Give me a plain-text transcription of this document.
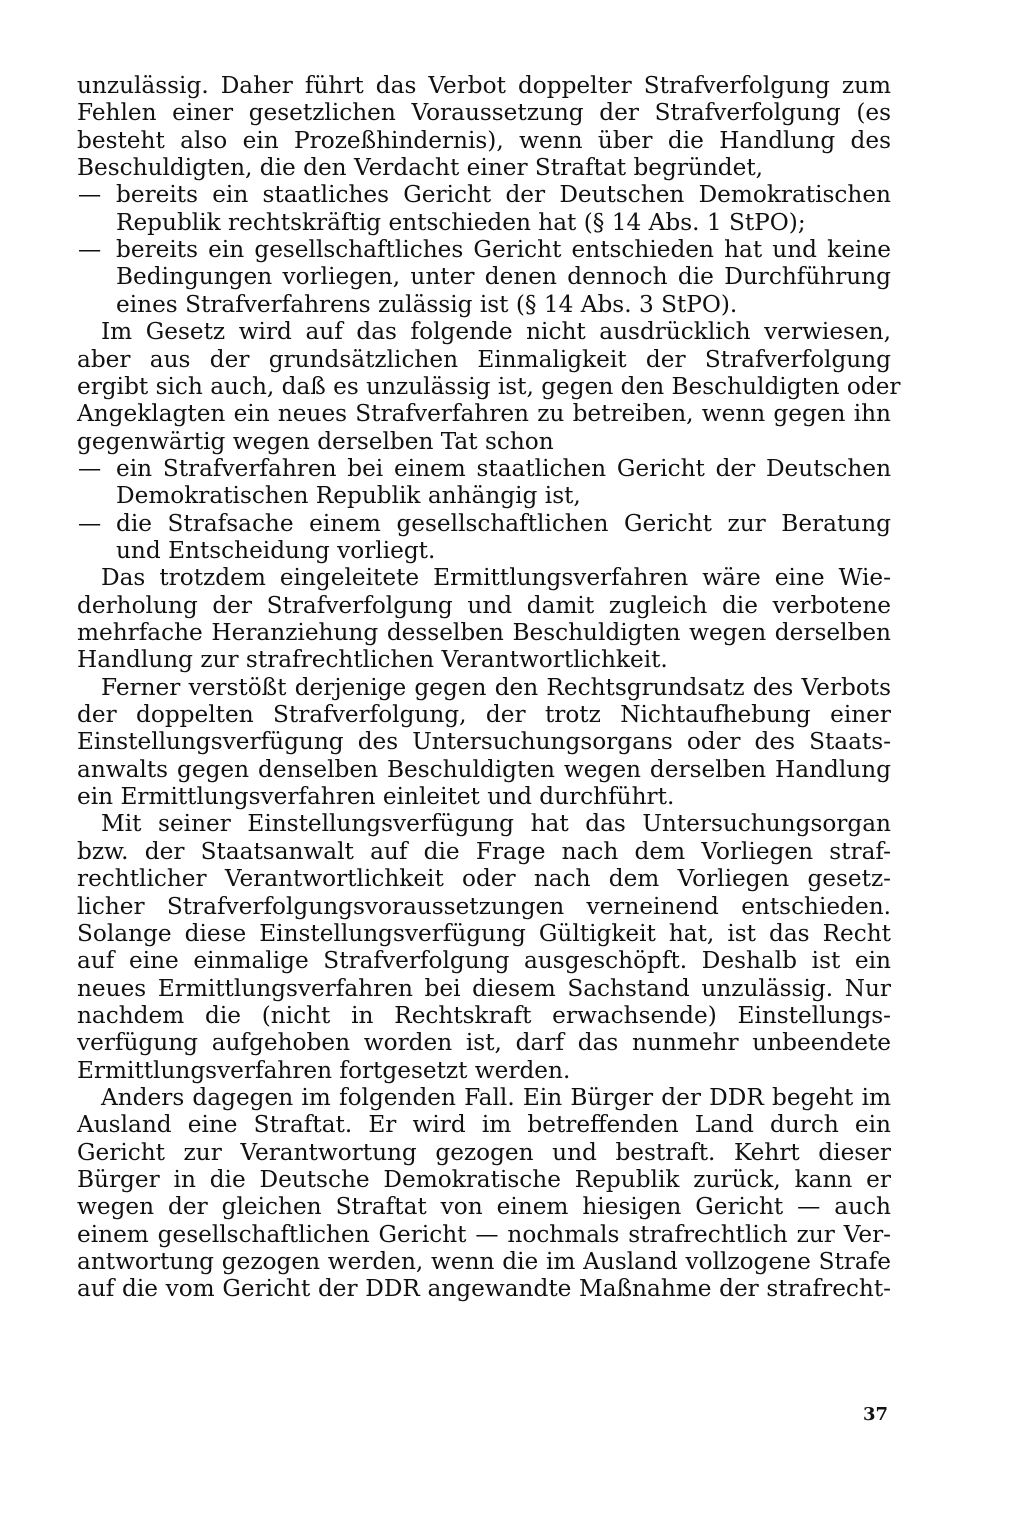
unzulässig. Daher führt das Verbot doppelter Strafverfolgung zum
Fehlen einer gesetzlichen Voraussetzung der Strafverfolgung (es
besteht also ein Prozeßhindernis), wenn über die Handlung des
Beschuldigten, die den Verdacht einer Straftat begründet,
— bereits ein staatliches Gericht der Deutschen Demokratischen
Republik rechtskräftig entschieden hat (§ 14 Abs. 1 StPO);
— bereits ein gesellschaftliches Gericht entschieden hat und keine
Bedingungen vorliegen, unter denen dennoch die Durchführung
eines Strafverfahrens zulässig ist (§ 14 Abs. 3 StPO).
Im Gesetz wird auf das folgende nicht ausdrücklich verwiesen,
aber aus der grundsätzlichen Einmaligkeit der Strafverfolgung
ergibt sich auch, daß es unzulässig ist, gegen den Beschuldigten oder
Angeklagten ein neues Strafverfahren zu betreiben, wenn gegen ihn
gegenwärtig wegen derselben Tat schon
— ein Strafverfahren bei einem staatlichen Gericht der Deutschen
Demokratischen Republik anhängig ist,
— die Strafsache einem gesellschaftlichen Gericht zur Beratung
und Entscheidung vorliegt.
Das trotzdem eingeleitete Ermittlungsverfahren wäre eine Wie-
derholung der Strafverfolgung und damit zugleich die verbotene
mehrfache Heranziehung desselben Beschuldigten wegen derselben
Handlung zur strafrechtlichen Verantwortlichkeit.
Ferner verstößt derjenige gegen den Rechtsgrundsatz des Verbots
der doppelten Strafverfolgung, der trotz Nichtaufhebung einer
Einstellungsverfügung des Untersuchungsorgans oder des Staats-
anwalts gegen denselben Beschuldigten wegen derselben Handlung
ein Ermittlungsverfahren einleitet und durchführt.
Mit seiner Einstellungsverfügung hat das Untersuchungsorgan
bzw. der Staatsanwalt auf die Frage nach dem Vorliegen straf-
rechtlicher Verantwortlichkeit oder nach dem Vorliegen gesetz-
licher Strafverfolgungsvoraussetzungen verneinend entschieden.
Solange diese Einstellungsverfügung Gültigkeit hat, ist das Recht
auf eine einmalige Strafverfolgung ausgeschöpft. Deshalb ist ein
neues Ermittlungsverfahren bei diesem Sachstand unzulässig. Nur
nachdem die (nicht in Rechtskraft erwachsende) Einstellungs-
verfügung aufgehoben worden ist, darf das nunmehr unbeendete
Ermittlungsverfahren fortgesetzt werden.
Anders dagegen im folgenden Fall. Ein Bürger der DDR begeht im
Ausland eine Straftat. Er wird im betreffenden Land durch ein
Gericht zur Verantwortung gezogen und bestraft. Kehrt dieser
Bürger in die Deutsche Demokratische Republik zurück, kann er
wegen der gleichen Straftat von einem hiesigen Gericht — auch
einem gesellschaftlichen Gericht — nochmals strafrechtlich zur Ver-
antwortung gezogen werden, wenn die im Ausland vollzogene Strafe
auf die vom Gericht der DDR angewandte Maßnahme der strafrecht-
37
